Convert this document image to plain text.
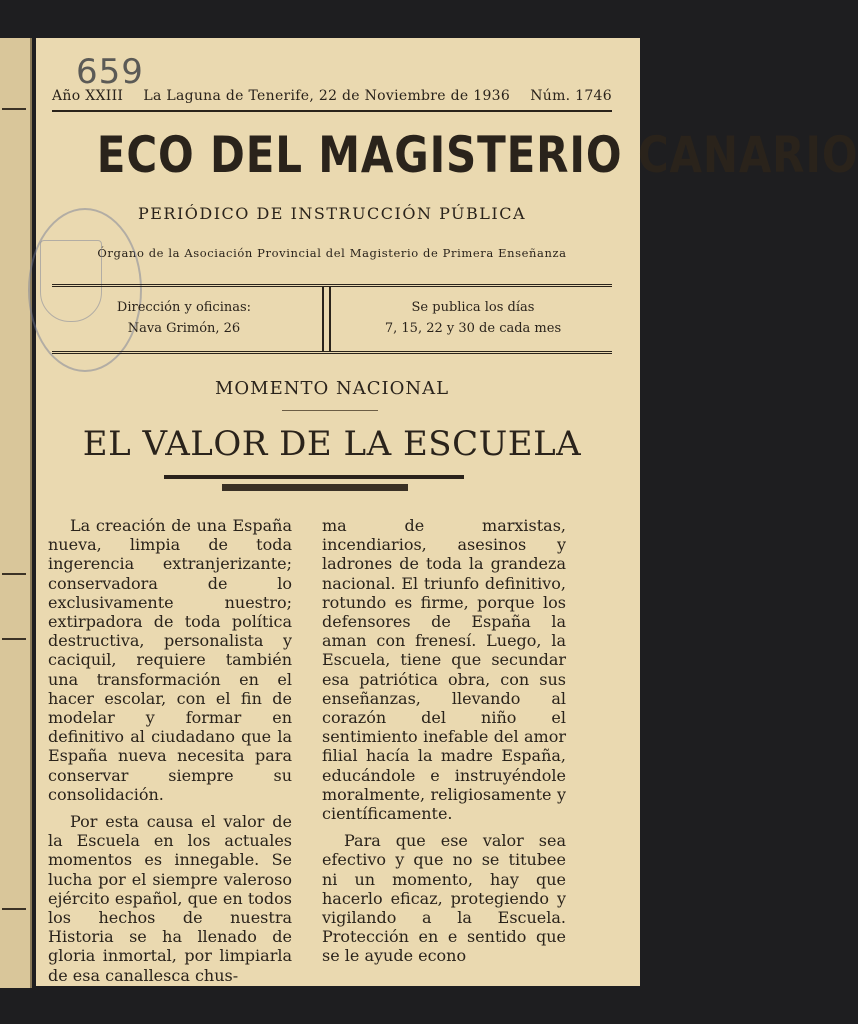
659
Año XXIII La Laguna de Tenerife, 22 de Noviembre de 1936 Núm. 1746
ECO DEL MAGISTERIO CANARIO
PERIÓDICO DE INSTRUCCIÓN PÚBLICA
Órgano de la Asociación Provincial del Magisterio de Primera Enseñanza
Dirección y oficinas:
Nava Grimón, 26
Se publica los días
7, 15, 22 y 30 de cada mes
MOMENTO NACIONAL
EL VALOR DE LA ESCUELA

La creación de una España nueva, limpia de toda ingerencia extranjerizante; conservadora de lo exclusivamente nuestro; extirpadora de toda política destructiva, personalista y caciquil, requiere también una transformación en el hacer escolar, con el fin de modelar y formar en definitivo al ciudadano que la España nueva necesita para conservar siempre su consolidación.

Por esta causa el valor de la Escuela en los actuales momentos es innegable. Se lucha por el siempre valeroso ejército español, que en todos los hechos de nuestra Historia se ha llenado de gloria inmortal, por limpiarla de esa canallesca chus-

ma de marxistas, incendiarios, asesinos y ladrones de toda la grandeza nacional. El triunfo definitivo, rotundo es firme, porque los defensores de España la aman con frenesí. Luego, la Escuela, tiene que secundar esa patriótica obra, con sus enseñanzas, llevando al corazón del niño el sentimiento inefable del amor filial hacía la madre España, educándole e instruyéndole moralmente, religiosamente y científicamente.

Para que ese valor sea efectivo y que no se titubee ni un momento, hay que hacerlo eficaz, protegiendo y vigilando a la Escuela. Protección en e sentido que se le ayude econo
